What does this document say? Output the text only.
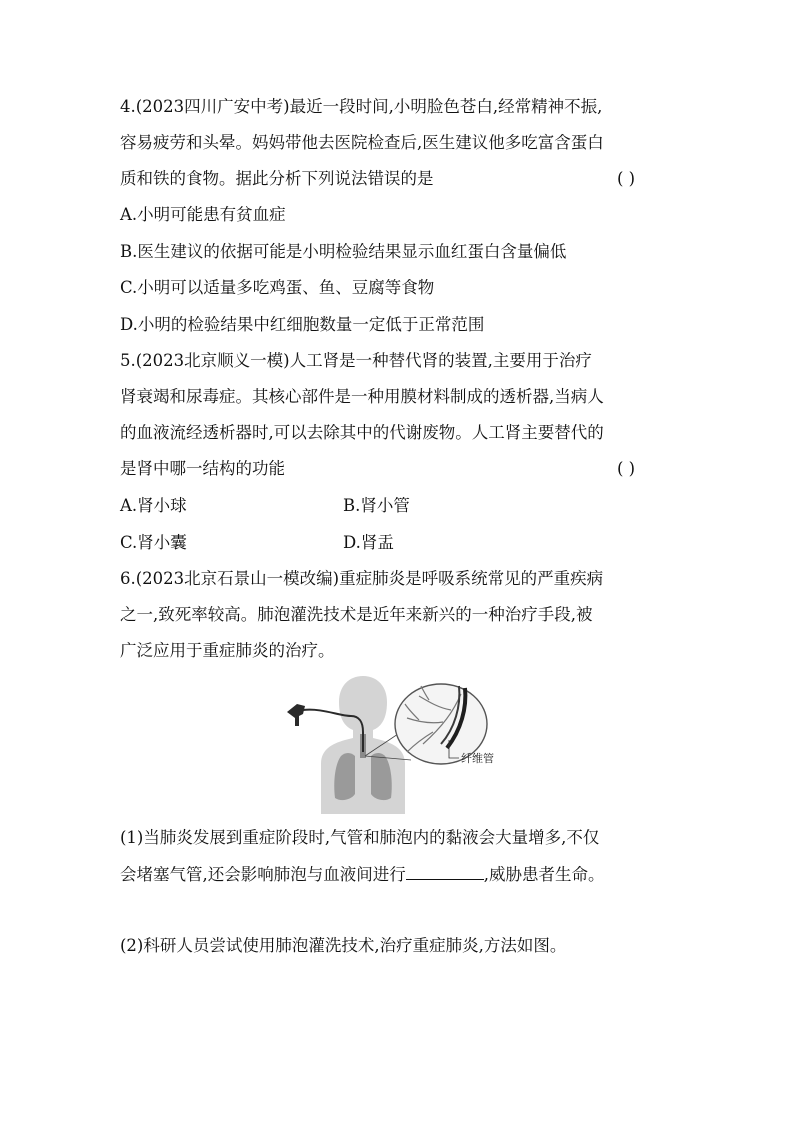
4.(2023四川广安中考)最近一段时间,小明脸色苍白,经常精神不振,
容易疲劳和头晕。妈妈带他去医院检查后,医生建议他多吃富含蛋白
质和铁的食物。据此分析下列说法错误的是	( )
A.小明可能患有贫血症
B.医生建议的依据可能是小明检验结果显示血红蛋白含量偏低
C.小明可以适量多吃鸡蛋、鱼、豆腐等食物
D.小明的检验结果中红细胞数量一定低于正常范围
5.(2023北京顺义一模)人工肾是一种替代肾的装置,主要用于治疗
肾衰竭和尿毒症。其核心部件是一种用膜材料制成的透析器,当病人
的血液流经透析器时,可以去除其中的代谢废物。人工肾主要替代的
是肾中哪一结构的功能	( )
A.肾小球	B.肾小管
C.肾小囊	D.肾盂
6.(2023北京石景山一模改编)重症肺炎是呼吸系统常见的严重疾病
之一,致死率较高。肺泡灌洗技术是近年来新兴的一种治疗手段,被
广泛应用于重症肺炎的治疗。
纤维管
(1)当肺炎发展到重症阶段时,气管和肺泡内的黏液会大量增多,不仅
会堵塞气管,还会影响肺泡与血液间进行	,威胁患者生命。
(2)科研人员尝试使用肺泡灌洗技术,治疗重症肺炎,方法如图。
